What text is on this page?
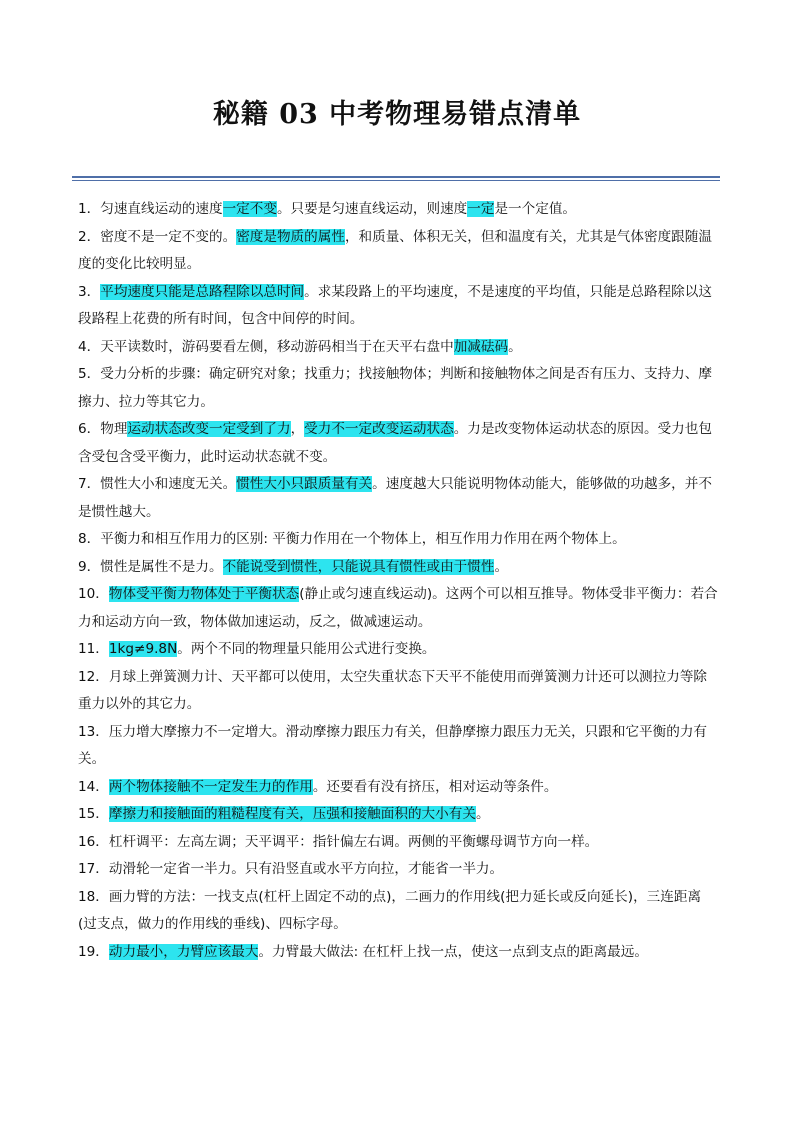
秘籍 03 中考物理易错点清单

1．匀速直线运动的速度一定不变。只要是匀速直线运动，则速度一定是一个定值。

2．密度不是一定不变的。密度是物质的属性，和质量、体积无关，但和温度有关，尤其是气体密度跟随温度的变化比较明显。

3．平均速度只能是总路程除以总时间。求某段路上的平均速度，不是速度的平均值，只能是总路程除以这段路程上花费的所有时间，包含中间停的时间。

4．天平读数时，游码要看左侧，移动游码相当于在天平右盘中加减砝码。

5．受力分析的步骤：确定研究对象；找重力；找接触物体；判断和接触物体之间是否有压力、支持力、摩擦力、拉力等其它力。

6．物理运动状态改变一定受到了力，受力不一定改变运动状态。力是改变物体运动状态的原因。受力也包含受包含受平衡力，此时运动状态就不变。

7．惯性大小和速度无关。惯性大小只跟质量有关。速度越大只能说明物体动能大，能够做的功越多，并不是惯性越大。

8．平衡力和相互作用力的区别: 平衡力作用在一个物体上，相互作用力作用在两个物体上。

9．惯性是属性不是力。不能说受到惯性，只能说具有惯性或由于惯性。

10．物体受平衡力物体处于平衡状态(静止或匀速直线运动)。这两个可以相互推导。物体受非平衡力：若合力和运动方向一致，物体做加速运动，反之，做减速运动。

11．1kg≠9.8N。两个不同的物理量只能用公式进行变换。

12．月球上弹簧测力计、天平都可以使用，太空失重状态下天平不能使用而弹簧测力计还可以测拉力等除重力以外的其它力。

13．压力增大摩擦力不一定增大。滑动摩擦力跟压力有关，但静摩擦力跟压力无关，只跟和它平衡的力有关。

14．两个物体接触不一定发生力的作用。还要看有没有挤压，相对运动等条件。

15．摩擦力和接触面的粗糙程度有关，压强和接触面积的大小有关。

16．杠杆调平：左高左调；天平调平：指针偏左右调。两侧的平衡螺母调节方向一样。

17．动滑轮一定省一半力。只有沿竖直或水平方向拉，才能省一半力。

18．画力臂的方法：一找支点(杠杆上固定不动的点)，二画力的作用线(把力延长或反向延长)，三连距离(过支点，做力的作用线的垂线)、四标字母。

19．动力最小，力臂应该最大。力臂最大做法: 在杠杆上找一点，使这一点到支点的距离最远。
